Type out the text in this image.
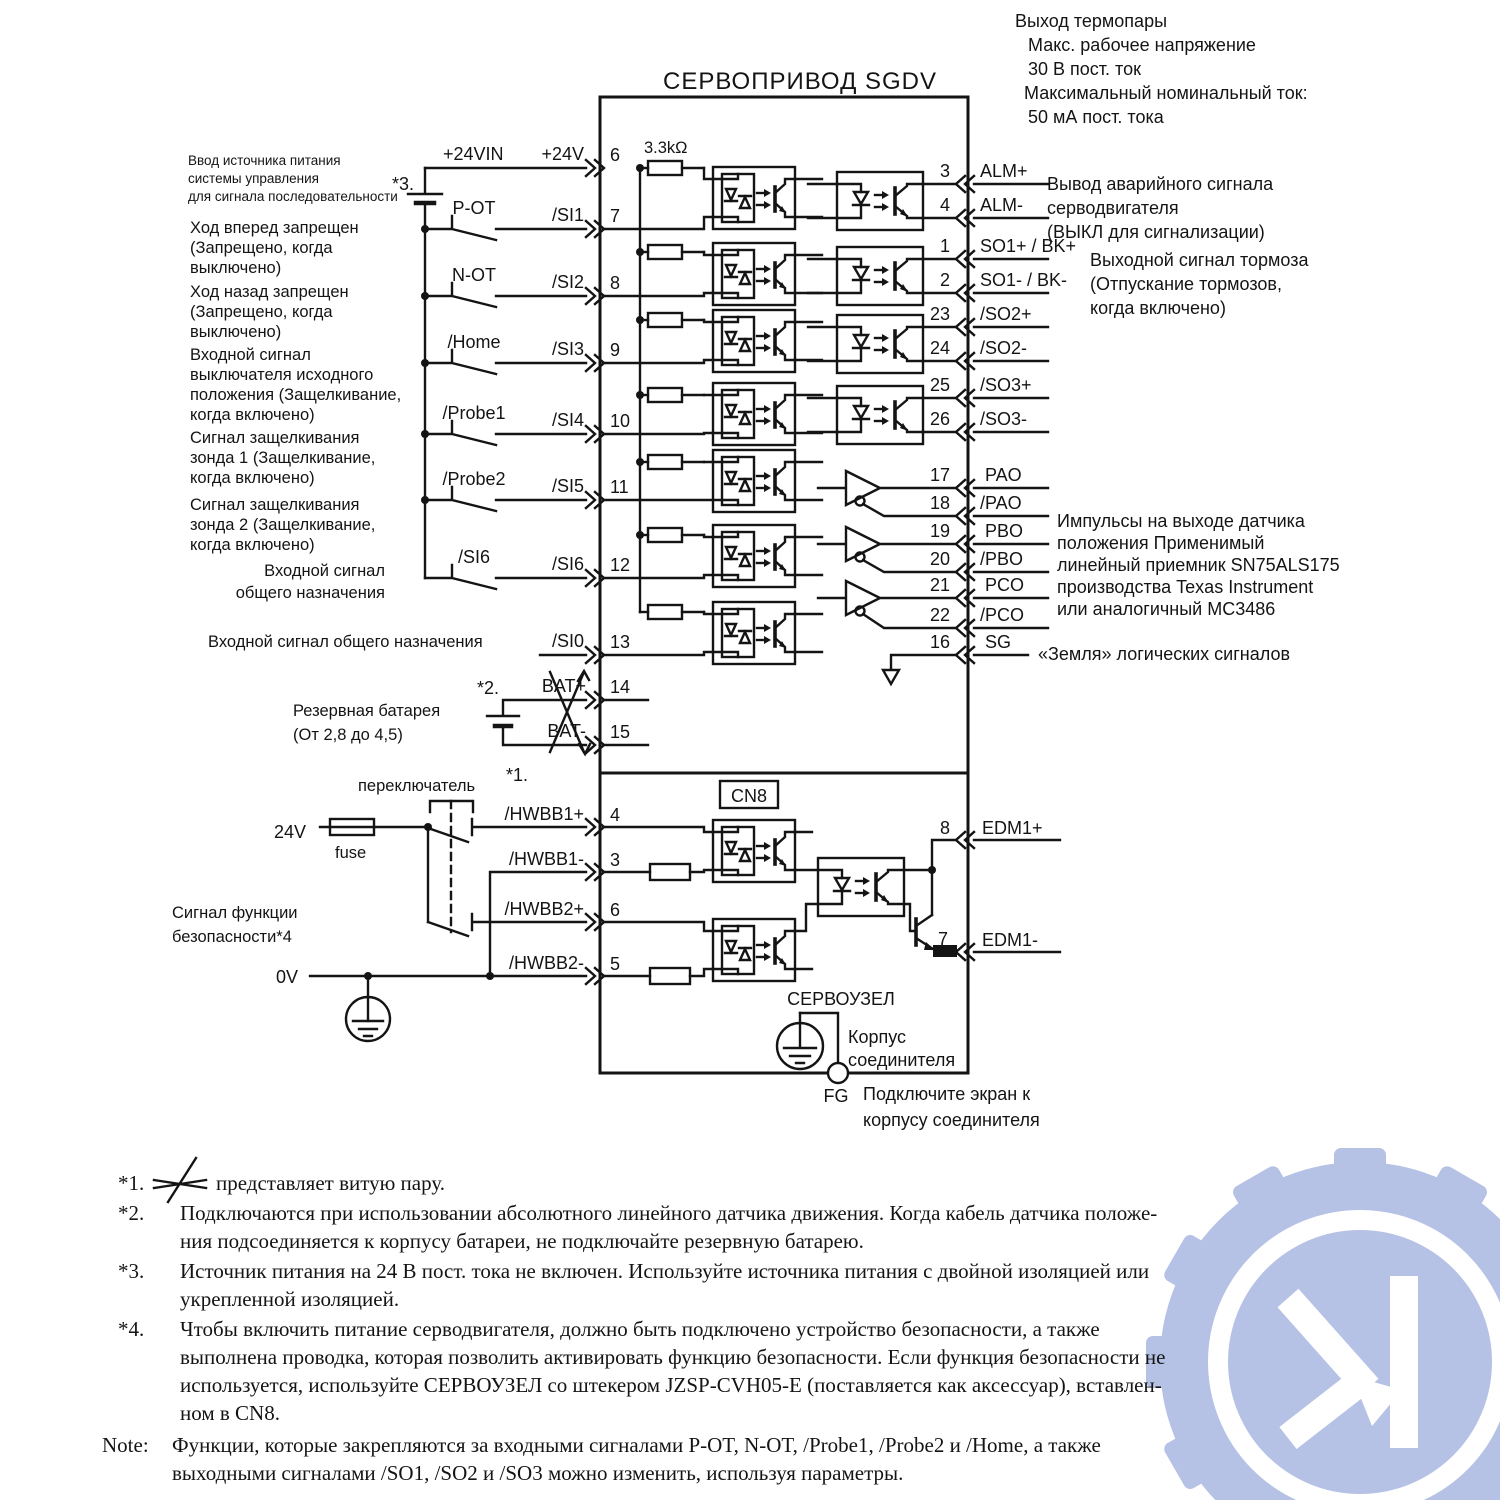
СЕРВОПРИВОД SGDV
Выход термопары
Макс. рабочее напряжение
30 В пост. ток
Максимальный номинальный ток:
50 мА пост. тока
3.3kΩ
Ввод источника питания
системы управления
для сигнала последовательности
Ход вперед запрещен
(Запрещено, когда
выключено)
Ход назад запрещен
(Запрещено, когда
выключено)
Входной сигнал
выключателя исходного
положения (Защелкивание,
когда включено)
Сигнал защелкивания
зонда 1 (Защелкивание,
когда включено)
Сигнал защелкивания
зонда 2 (Защелкивание,
когда включено)
Входной сигнал
общего назначения
Входной сигнал общего назначения
Резервная батарея
(От 2,8 до 4,5)
переключатель
24V
fuse
Сигнал функции
безопасности*4
0V
*3.
*2.
*1.
+24VIN
P-OT
N-OT
/Home
/Probe1
/Probe2
/SI6
+24V
/SI1
/SI2
/SI3
/SI4
/SI5
/SI6
/SI0
BAT+
BAT-
6
7
8
9
10
11
12
13
14
15
/HWBB1+
/HWBB1-
/HWBB2+
/HWBB2-
4
3
6
5
3 ALM+
4 ALM-
1 SO1+ / BK+
2 SO1- / BK-
23 /SO2+
24 /SO2-
25 /SO3+
26 /SO3-
17 PAO
18 /PAO
19 PBO
20 /PBO
21 PCO
22 /PCO
16 SG
8 EDM1+
7 EDM1-
Вывод аварийного сигнала
серводвигателя
(ВЫКЛ для сигнализации)
Выходной сигнал тормоза
(Отпускание тормозов,
когда включено)
Импульсы на выходе датчика
положения Применимый
линейный приемник SN75ALS175
производства Texas Instrument
или аналогичный MC3486
«Земля» логических сигналов
CN8
СЕРВОУЗЕЛ
Корпус
соединителя
FG Подключите экран к
корпусу соединителя
*1.	представляет витую пару.
*2. Подключаются при использовании абсолютного линейного датчика движения. Когда кабель датчика положе-
ния подсоединяется к корпусу батареи, не подключайте резервную батарею.
*3. Источник питания на 24 В пост. тока не включен. Используйте источника питания с двойной изоляцией или
укрепленной изоляцией.
*4. Чтобы включить питание серводвигателя, должно быть подключено устройство безопасности, а также
выполнена проводка, которая позволить активировать функцию безопасности. Если функция безопасности не
используется, используйте СЕРВОУЗЕЛ со штекером JZSP-CVH05-E (поставляется как аксессуар), вставлен-
ном в CN8.
Note: Функции, которые закрепляются за входными сигналами P-OT, N-OT, /Probe1, /Probe2 и /Home, а также
выходными сигналами /SO1, /SO2 и /SO3 можно изменить, используя параметры.
